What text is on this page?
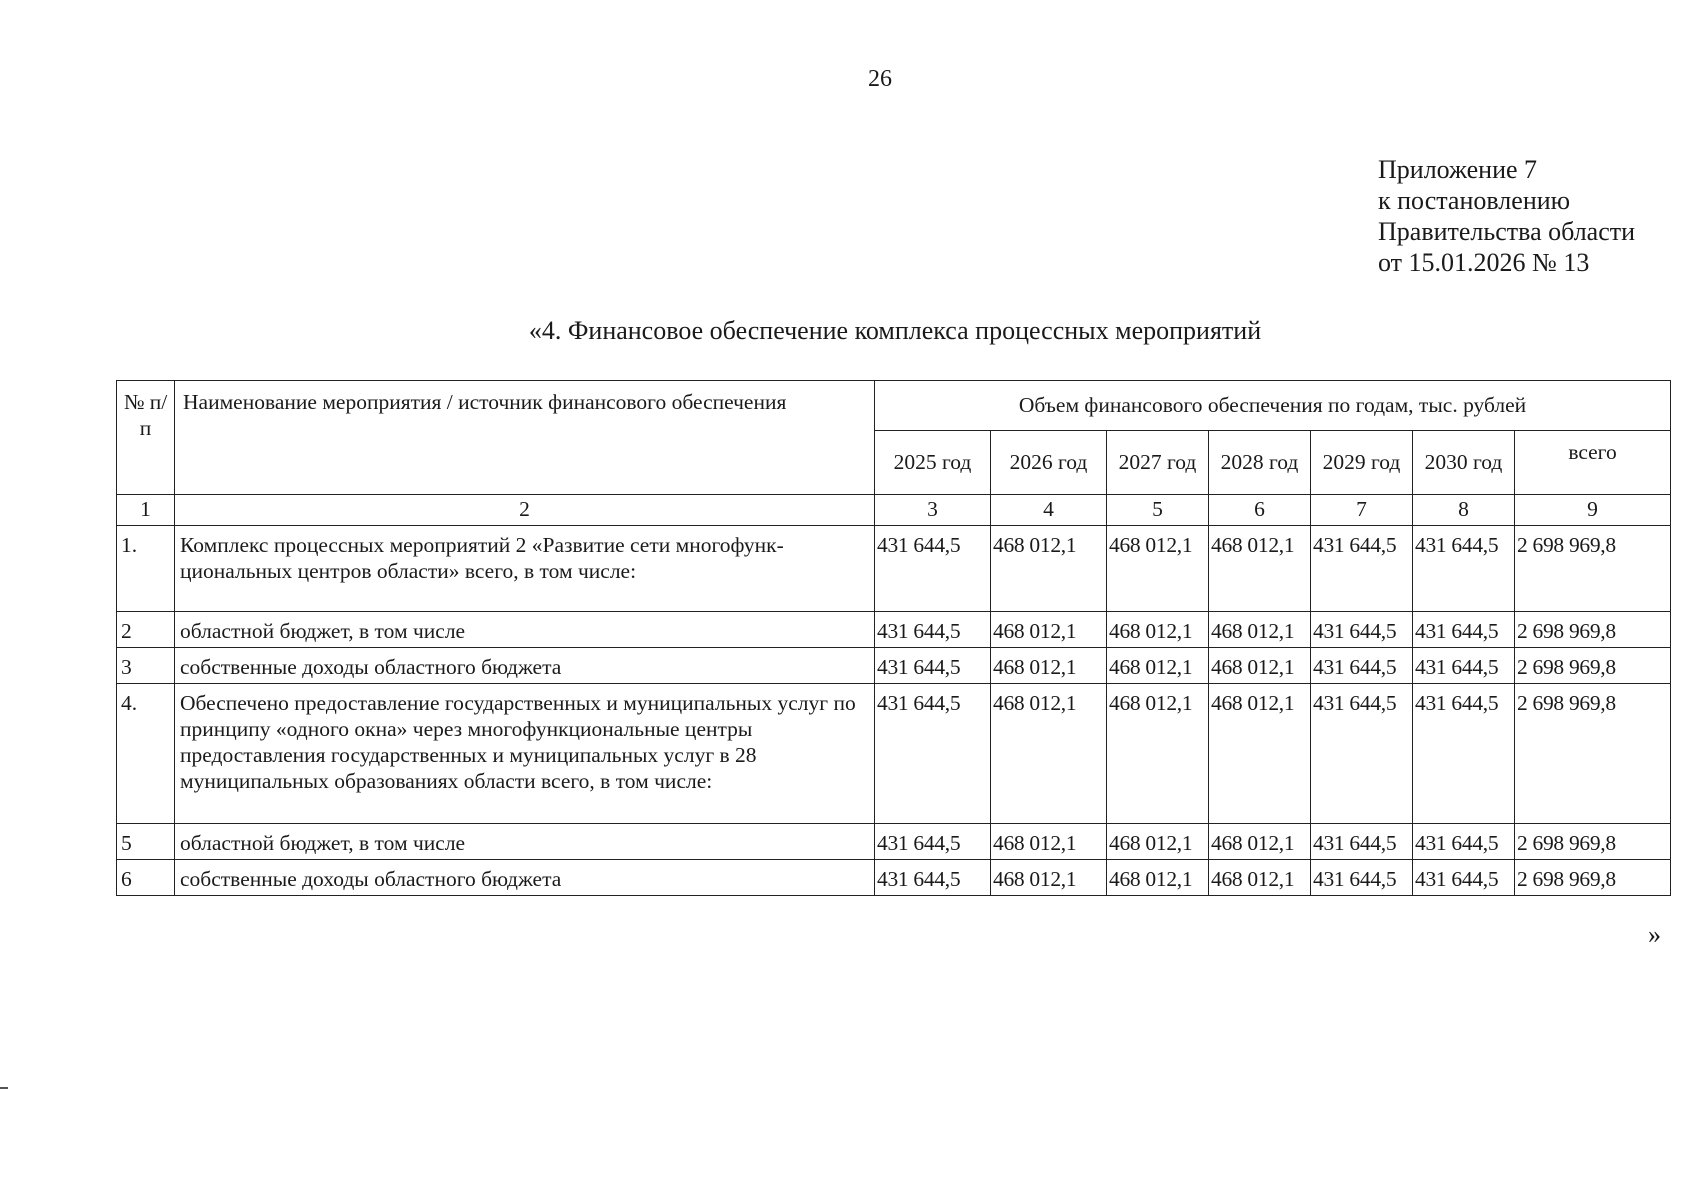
26
Приложение 7
к постановлению
Правительства области
от 15.01.2026 № 13
«4. Финансовое обеспечение комплекса процессных мероприятий
№ п/п	Наименование мероприятия / источник финансового обеспечения	Объем финансового обеспечения по годам, тыс. рублей						
		2025 год	2026 год	2027 год	2028 год	2029 год	2030 год	всего
1	2	3	4	5	6	7	8	9
1.	Комплекс процессных мероприятий 2 «Развитие сети многофунк-циональных центров области» всего, в том числе:	431 644,5	468 012,1	468 012,1	468 012,1	431 644,5	431 644,5	2 698 969,8
2	областной бюджет, в том числе	431 644,5	468 012,1	468 012,1	468 012,1	431 644,5	431 644,5	2 698 969,8
3	собственные доходы областного бюджета	431 644,5	468 012,1	468 012,1	468 012,1	431 644,5	431 644,5	2 698 969,8
4.	Обеспечено предоставление государственных и муниципальных услуг по принципу «одного окна» через многофункциональные центры предоставления государственных и муниципальных услуг в 28 муниципальных образованиях области всего, в том числе:	431 644,5	468 012,1	468 012,1	468 012,1	431 644,5	431 644,5	2 698 969,8
5	областной бюджет, в том числе	431 644,5	468 012,1	468 012,1	468 012,1	431 644,5	431 644,5	2 698 969,8
6	собственные доходы областного бюджета	431 644,5	468 012,1	468 012,1	468 012,1	431 644,5	431 644,5	2 698 969,8
»
